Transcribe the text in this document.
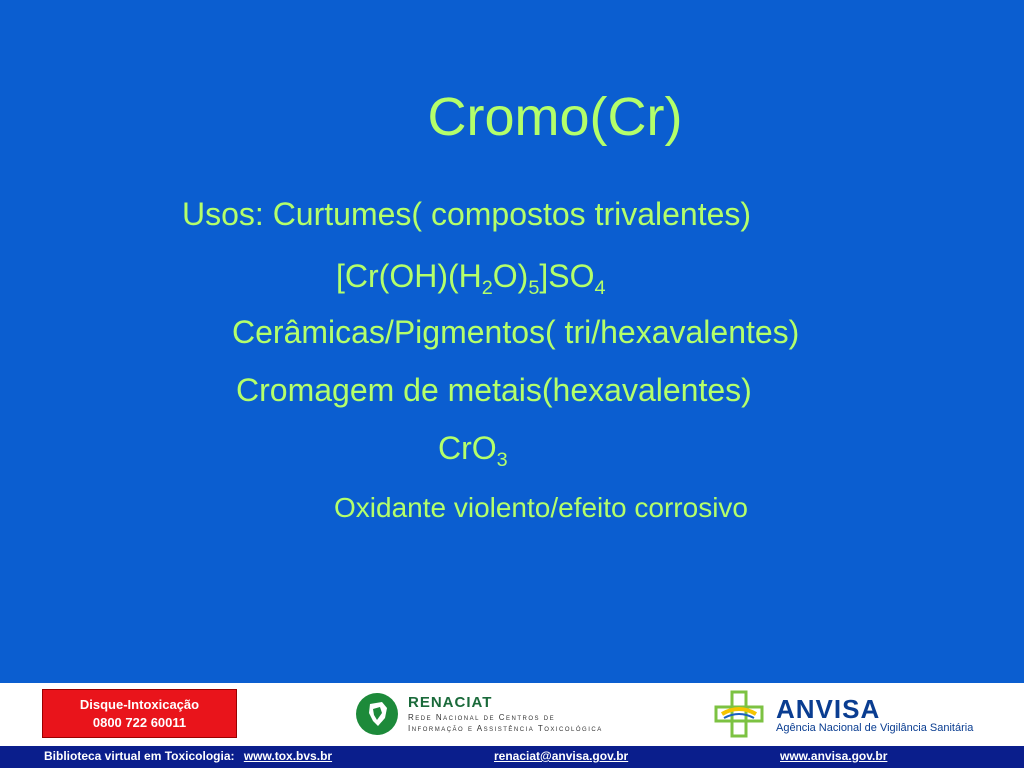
Cromo(Cr)
Usos: Curtumes( compostos trivalentes)
$[Cr(OH)(H_2O)_5]SO_4$
Cerâmicas/Pigmentos( tri/hexavalentes)
Cromagem de metais(hexavalentes)
CrO$_3$
Oxidante violento/efeito corrosivo
Disque-Intoxicação
0800 722 60011
RENACIAT
Rede Nacional de Centros de
Informação e Assistência Toxicológica
ANVISA
Agência Nacional de Vigilância Sanitária
Biblioteca virtual em Toxicologia: www.tox.bvs.br	renaciat@anvisa.gov.br	www.anvisa.gov.br
